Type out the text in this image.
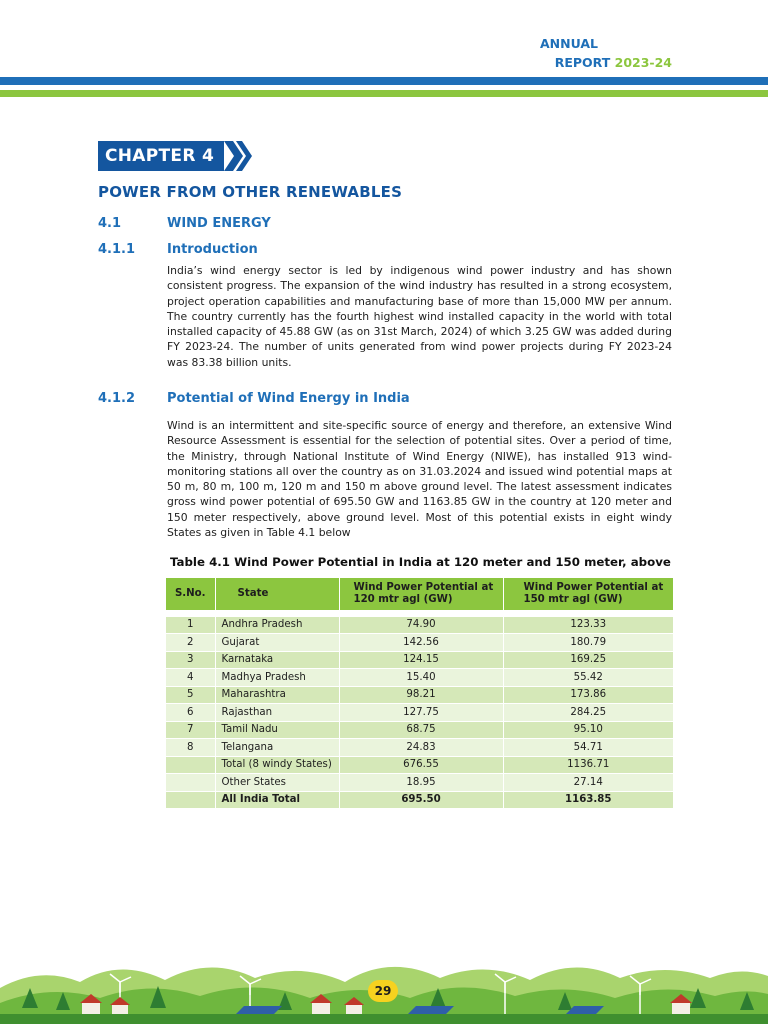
ANNUAL
REPORT 2023-24
CHAPTER 4
POWER FROM OTHER RENEWABLES
4.1	WIND ENERGY
4.1.1 Introduction

India’s wind energy sector is led by indigenous wind power industry and has shown consistent progress. The expansion of the wind industry has resulted in a strong ecosystem, project operation capabilities and manufacturing base of more than 15,000 MW per annum. The country currently has the fourth highest wind installed capacity in the world with total installed capacity of 45.88 GW (as on 31st March, 2024) of which 3.25 GW was added during FY 2023-24. The number of units generated from wind power projects during FY 2023-24 was 83.38 billion units.

4.1.2 Potential of Wind Energy in India

Wind is an intermittent and site-specific source of energy and therefore, an extensive Wind Resource Assessment is essential for the selection of potential sites. Over a period of time, the Ministry, through National Institute of Wind Energy (NIWE), has installed 913 wind-monitoring stations all over the country as on 31.03.2024 and issued wind potential maps at 50 m, 80 m, 100 m, 120 m and 150 m above ground level. The latest assessment indicates gross wind power potential of 695.50 GW and 1163.85 GW in the country at 120 meter and 150 meter respectively, above ground level. Most of this potential exists in eight windy States as given in Table 4.1 below

Table 4.1 Wind Power Potential in India at 120 meter and 150 meter, above
S.No.	State	Wind Power Potential at 120 mtr agl (GW)	Wind Power Potential at 150 mtr agl (GW)

1	Andhra Pradesh	74.90	123.33
2	Gujarat	142.56	180.79
3	Karnataka	124.15	169.25
4	Madhya Pradesh	15.40	55.42
5	Maharashtra	98.21	173.86
6	Rajasthan	127.75	284.25
7	Tamil Nadu	68.75	95.10
8	Telangana	24.83	54.71
	Total (8 windy States)	676.55	1136.71
	Other States	18.95	27.14
	All India Total	695.50	1163.85
29
